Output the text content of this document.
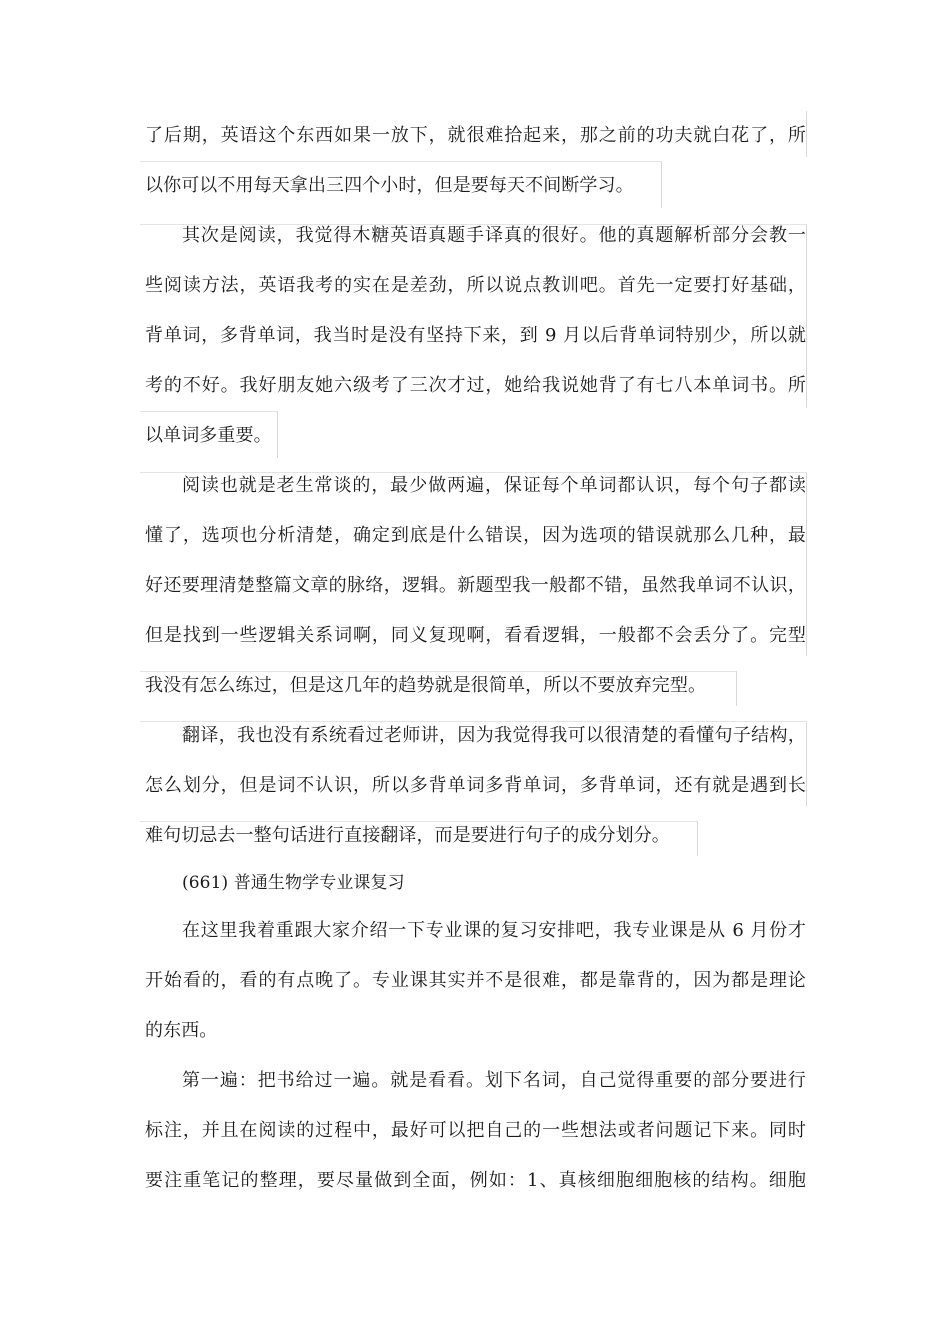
了后期，英语这个东西如果一放下，就很难拾起来，那之前的功夫就白花了，所
以你可以不用每天拿出三四个小时，但是要每天不间断学习。
其次是阅读，我觉得木糖英语真题手译真的很好。他的真题解析部分会教一
些阅读方法，英语我考的实在是差劲，所以说点教训吧。首先一定要打好基础，
背单词，多背单词，我当时是没有坚持下来，到 9 月以后背单词特别少，所以就
考的不好。我好朋友她六级考了三次才过，她给我说她背了有七八本单词书。所
以单词多重要。
阅读也就是老生常谈的，最少做两遍，保证每个单词都认识，每个句子都读
懂了，选项也分析清楚，确定到底是什么错误，因为选项的错误就那么几种，最
好还要理清楚整篇文章的脉络，逻辑。新题型我一般都不错，虽然我单词不认识，
但是找到一些逻辑关系词啊，同义复现啊，看看逻辑，一般都不会丢分了。完型
我没有怎么练过，但是这几年的趋势就是很简单，所以不要放弃完型。
翻译，我也没有系统看过老师讲，因为我觉得我可以很清楚的看懂句子结构，
怎么划分，但是词不认识，所以多背单词多背单词，多背单词，还有就是遇到长
难句切忌去一整句话进行直接翻译，而是要进行句子的成分划分。
(661) 普通生物学专业课复习
在这里我着重跟大家介绍一下专业课的复习安排吧，我专业课是从 6 月份才
开始看的，看的有点晚了。专业课其实并不是很难，都是靠背的，因为都是理论
的东西。
第一遍：把书给过一遍。就是看看。划下名词，自己觉得重要的部分要进行
标注，并且在阅读的过程中，最好可以把自己的一些想法或者问题记下来。同时
要注重笔记的整理，要尽量做到全面，例如：1、真核细胞细胞核的结构。细胞
